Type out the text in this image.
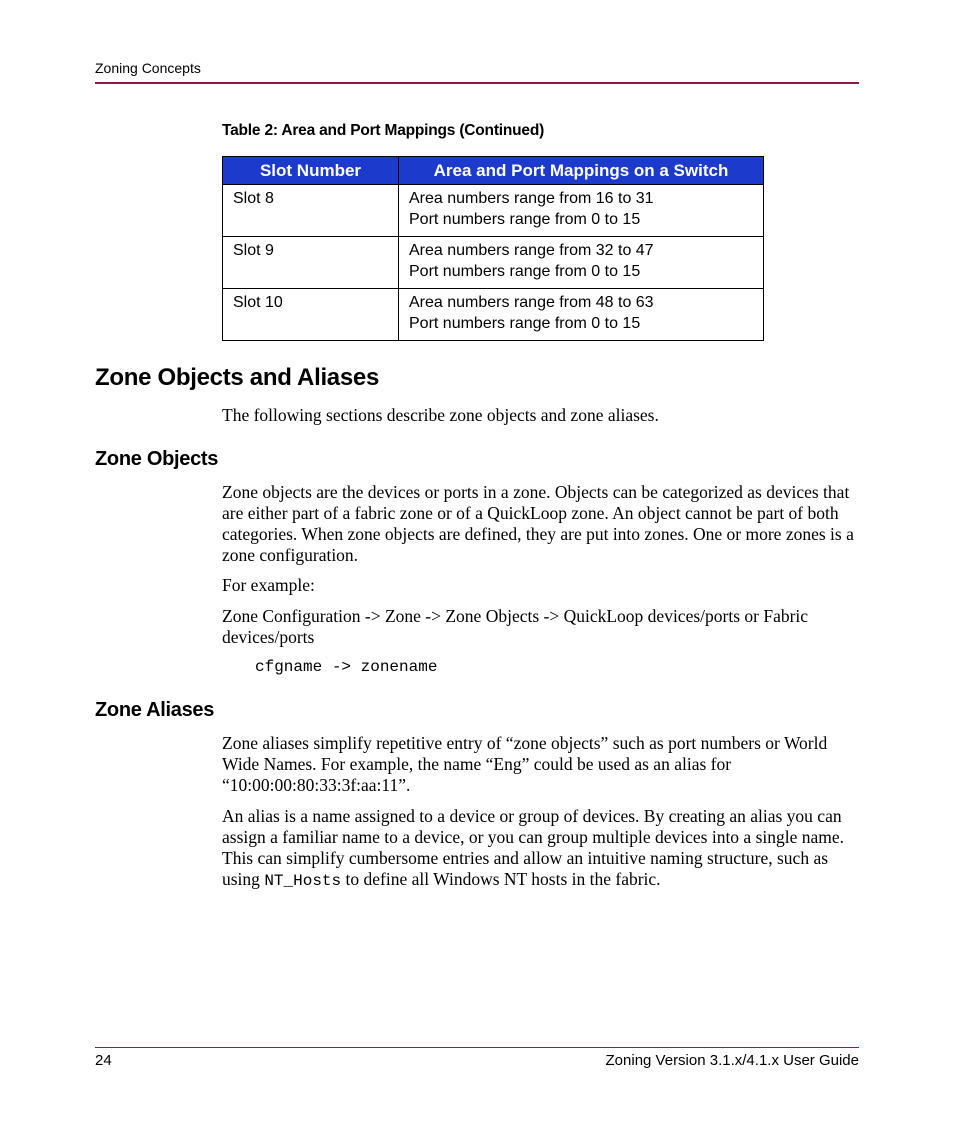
Zoning Concepts
Table 2: Area and Port Mappings (Continued)
Slot Number	Area and Port Mappings on a Switch
Slot 8	Area numbers range from 16 to 31
Port numbers range from 0 to 15

Slot 9	Area numbers range from 32 to 47
Port numbers range from 0 to 15

Slot 10	Area numbers range from 48 to 63
Port numbers range from 0 to 15
Zone Objects and Aliases
The following sections describe zone objects and zone aliases.
Zone Objects
Zone objects are the devices or ports in a zone. Objects can be categorized as devices that are either part of a fabric zone or of a QuickLoop zone. An object cannot be part of both categories. When zone objects are defined, they are put into zones. One or more zones is a zone configuration.
For example:
Zone Configuration -> Zone -> Zone Objects -> QuickLoop devices/ports or Fabric devices/ports
cfgname -> zonename
Zone Aliases
Zone aliases simplify repetitive entry of “zone objects” such as port numbers or World Wide Names. For example, the name “Eng” could be used as an alias for “10:00:00:80:33:3f:aa:11”.
An alias is a name assigned to a device or group of devices. By creating an alias you can assign a familiar name to a device, or you can group multiple devices into a single name. This can simplify cumbersome entries and allow an intuitive naming structure, such as using NT_Hosts to define all Windows NT hosts in the fabric.
24	Zoning Version 3.1.x/4.1.x User Guide
